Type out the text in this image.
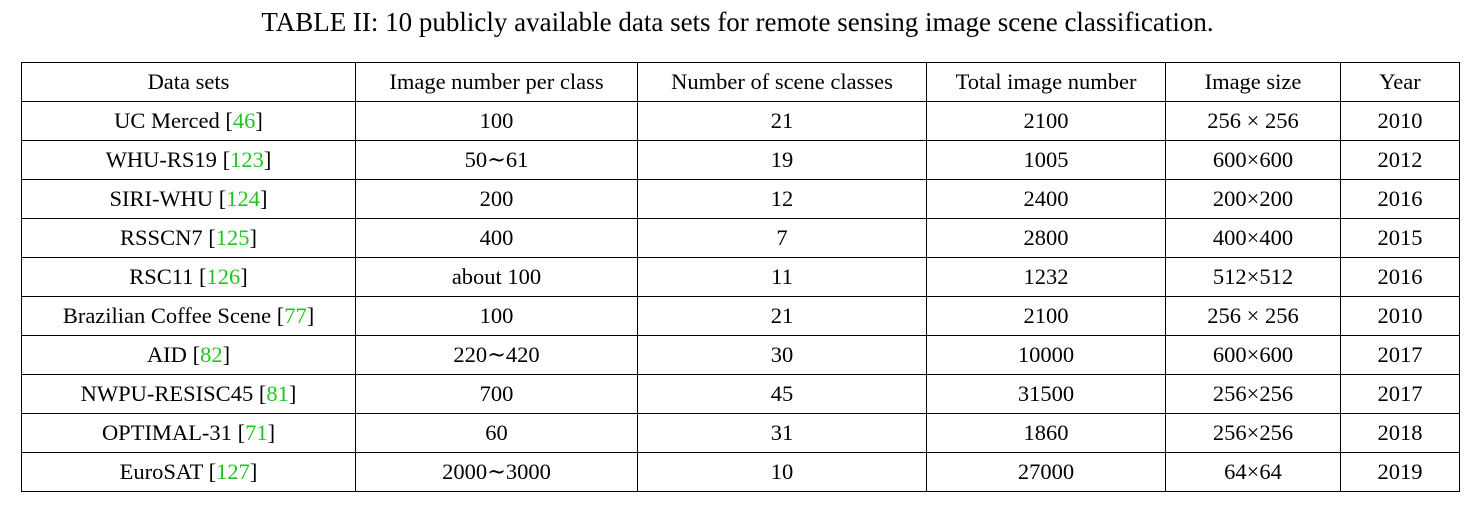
TABLE II: 10 publicly available data sets for remote sensing image scene classification.
Data sets	Image number per class	Number of scene classes	Total image number	Image size	Year
UC Merced [46]	100	21	2100	256 × 256	2010
WHU-RS19 [123]	50∼61	19	1005	600×600	2012
SIRI-WHU [124]	200	12	2400	200×200	2016
RSSCN7 [125]	400	7	2800	400×400	2015
RSC11 [126]	about 100	11	1232	512×512	2016
Brazilian Coffee Scene [77]	100	21	2100	256 × 256	2010
AID [82]	220∼420	30	10000	600×600	2017
NWPU-RESISC45 [81]	700	45	31500	256×256	2017
OPTIMAL-31 [71]	60	31	1860	256×256	2018
EuroSAT [127]	2000∼3000	10	27000	64×64	2019
